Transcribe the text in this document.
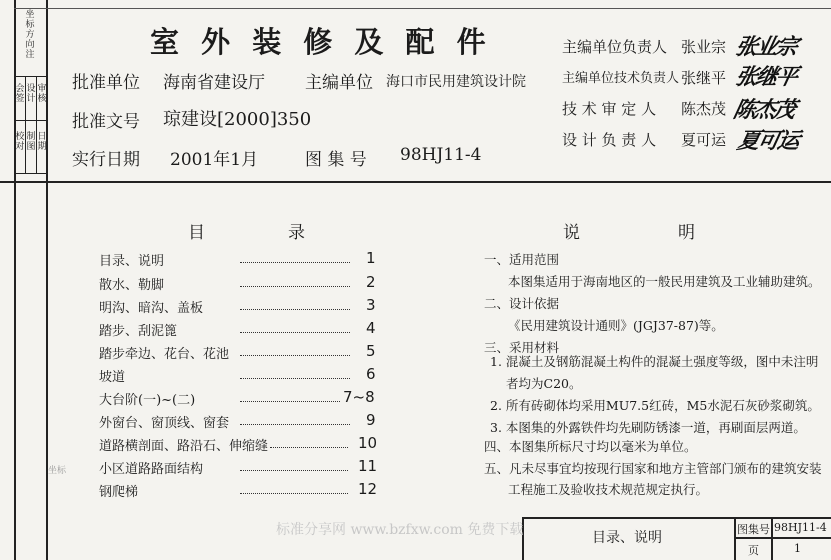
坐标方向注
会签
设计
审核
校对
制图
日期
室 外 装 修 及 配 件
批准单位 海南省建设厅 主编单位 海口市民用建筑设计院
批准文号 琼建设[2000]350
实行日期 2001年1月	图 集 号 98HJ11-4
主编单位负责人 张业宗 张业宗
主编单位技术负责人 张继平 张继平
技 术 审 定 人 陈杰茂 陈杰茂
设 计 负 责 人 夏可运 夏可运
目	录
目录、说明	1
散水、勒脚	2
明沟、暗沟、盖板	3
踏步、刮泥篦	4
踏步牵边、花台、花池	5
坡道	6
大台阶(一)~(二)	7~8
外窗台、窗顶线、窗套	9
道路横剖面、路沿石、伸缩缝	10
小区道路路面结构	11
钢爬梯	12
说	明
一、适用范围
本图集适用于海南地区的一般民用建筑及工业辅助建筑。
二、设计依据
《民用建筑设计通则》(JGJ37-87)等。
三、采用材料
1. 混凝土及钢筋混凝土构件的混凝土强度等级，图中未注明
者均为C20。
2. 所有砖砌体均采用MU7.5红砖，M5水泥石灰砂浆砌筑。
3. 本图集的外露铁件均先刷防锈漆一道，再刷面层两道。
四、本图集所标尺寸均以毫米为单位。
五、凡未尽事宜均按现行国家和地方主管部门颁布的建筑安装
工程施工及验收技术规范规定执行。
坐标
目录、说明
图集号 98HJ11-4
页	1
标准分享网 www.bzfxw.com 免费下载
